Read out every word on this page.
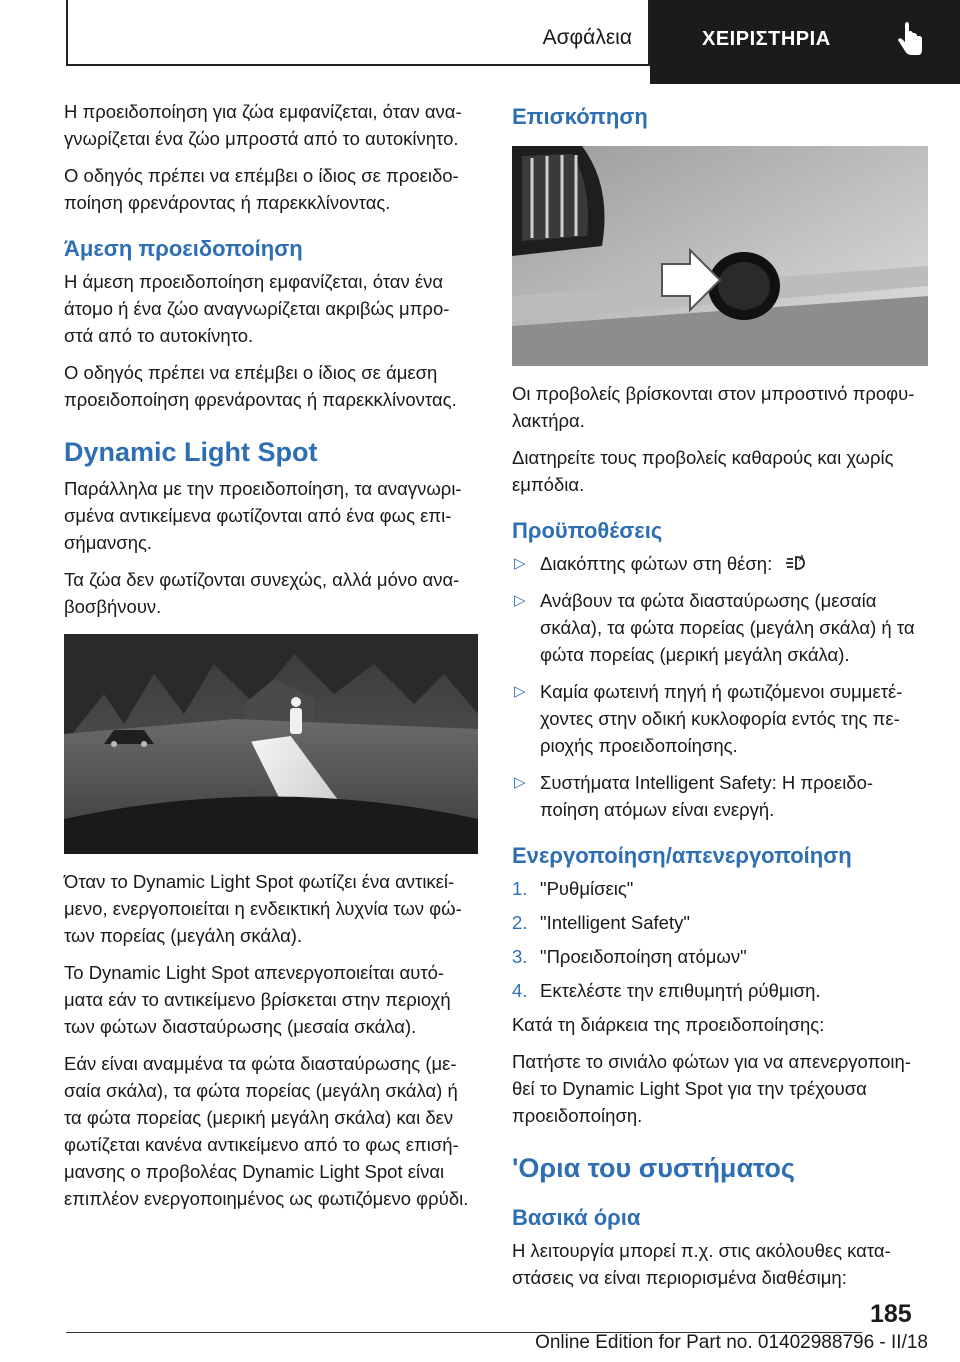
Ασφάλεια	ΧΕΙΡΙΣΤΗΡΙΑ

Η προειδοποίηση για ζώα εμφανίζεται, όταν ανα-γνωρίζεται ένα ζώο μπροστά από το αυτοκίνητο.

Ο οδηγός πρέπει να επέμβει ο ίδιος σε προειδο-ποίηση φρενάροντας ή παρεκκλίνοντας.

Άμεση προειδοποίηση

Η άμεση προειδοποίηση εμφανίζεται, όταν ένα άτομο ή ένα ζώο αναγνωρίζεται ακριβώς μπρο-στά από το αυτοκίνητο.

Ο οδηγός πρέπει να επέμβει ο ίδιος σε άμεση προειδοποίηση φρενάροντας ή παρεκκλίνοντας.

Dynamic Light Spot

Παράλληλα με την προειδοποίηση, τα αναγνωρι-σμένα αντικείμενα φωτίζονται από ένα φως επι-σήμανσης.

Τα ζώα δεν φωτίζονται συνεχώς, αλλά μόνο ανα-βοσβήνουν.

Όταν το Dynamic Light Spot φωτίζει ένα αντικεί-μενο, ενεργοποιείται η ενδεικτική λυχνία των φώ-των πορείας (μεγάλη σκάλα).

Το Dynamic Light Spot απενεργοποιείται αυτό-ματα εάν το αντικείμενο βρίσκεται στην περιοχή των φώτων διασταύρωσης (μεσαία σκάλα).

Εάν είναι αναμμένα τα φώτα διασταύρωσης (με-σαία σκάλα), τα φώτα πορείας (μεγάλη σκάλα) ή τα φώτα πορείας (μερική μεγάλη σκάλα) και δεν φωτίζεται κανένα αντικείμενο από το φως επισή-μανσης ο προβολέας Dynamic Light Spot είναι επιπλέον ενεργοποιημένος ως φωτιζόμενο φρύδι.

Επισκόπηση

Οι προβολείς βρίσκονται στον μπροστινό προφυ-λακτήρα.

Διατηρείτε τους προβολείς καθαρούς και χωρίς εμπόδια.

Προϋποθέσεις
▷ Διακόπτης φώτων στη θέση:	A
▷ Ανάβουν τα φώτα διασταύρωσης (μεσαία σκάλα), τα φώτα πορείας (μεγάλη σκάλα) ή τα φώτα πορείας (μερική μεγάλη σκάλα).
▷ Καμία φωτεινή πηγή ή φωτιζόμενοι συμμετέ-χοντες στην οδική κυκλοφορία εντός της πε-ριοχής προειδοποίησης.
▷ Συστήματα Intelligent Safety: Η προειδο-ποίηση ατόμων είναι ενεργή.
Ενεργοποίηση/απενεργοποίηση
1. "Ρυθμίσεις"
2. "Intelligent Safety"
3. "Προειδοποίηση ατόμων"
4. Εκτελέστε την επιθυμητή ρύθμιση.

Κατά τη διάρκεια της προειδοποίησης:

Πατήστε το σινιάλο φώτων για να απενεργοποιη-θεί το Dynamic Light Spot για την τρέχουσα προειδοποίηση.

'Ορια του συστήματος
Βασικά όρια

Η λειτουργία μπορεί π.χ. στις ακόλουθες κατα-στάσεις να είναι περιορισμένα διαθέσιμη:

185
Online Edition for Part no. 01402988796 - II/18
